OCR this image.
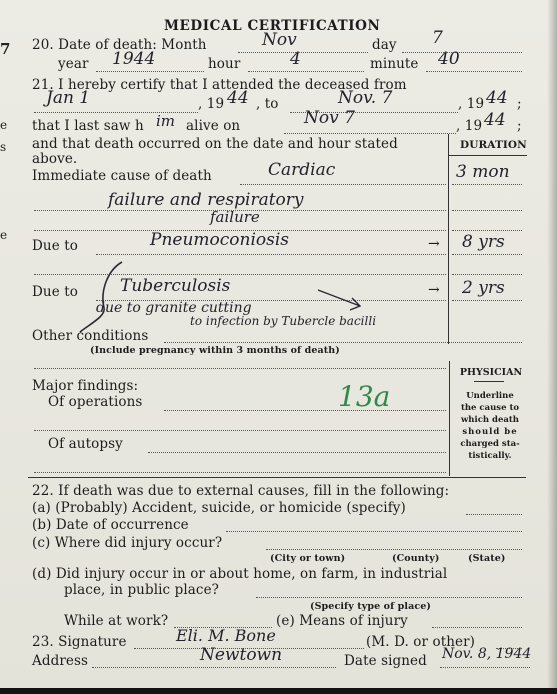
7
e
s
e
MEDICAL CERTIFICATION
20. Date of death: Month	Nov	day 7
year 1944	hour	4	minute 40
21. I hereby certify that I attended the deceased from
Jan 1	, 19 44 , to	Nov. 7	, 19 44 ;
that I last saw h im alive on	Nov 7	, 19 44 ;
and that death occurred on the date and hour stated
above.
DURATION
Immediate cause of death	Cardiac	3 mon
failure and respiratory
failure
Due to	Pneumoconiosis	→ 8 yrs
Due to Tuberculosis	→ 2 yrs
due to granite cutting
to infection by Tubercle bacilli
Other conditions
(Include pregnancy within 3 months of death)
Major findings:
Of operations	13a
Of autopsy
PHYSICIAN
Underline
the cause to
which death
should be
charged sta-
tistically.
22. If death was due to external causes, fill in the following:
(a) (Probably) Accident, suicide, or homicide (specify)
(b) Date of occurrence
(c) Where did injury occur?
(City or town)	(County)	(State)
(d) Did injury occur in or about home, on farm, in industrial
place, in public place?
(Specify type of place)
While at work?	(e) Means of injury
23. Signature	Eli. M. Bone	(M. D. or other)
Address	Newtown	Date signed Nov. 8, 1944
